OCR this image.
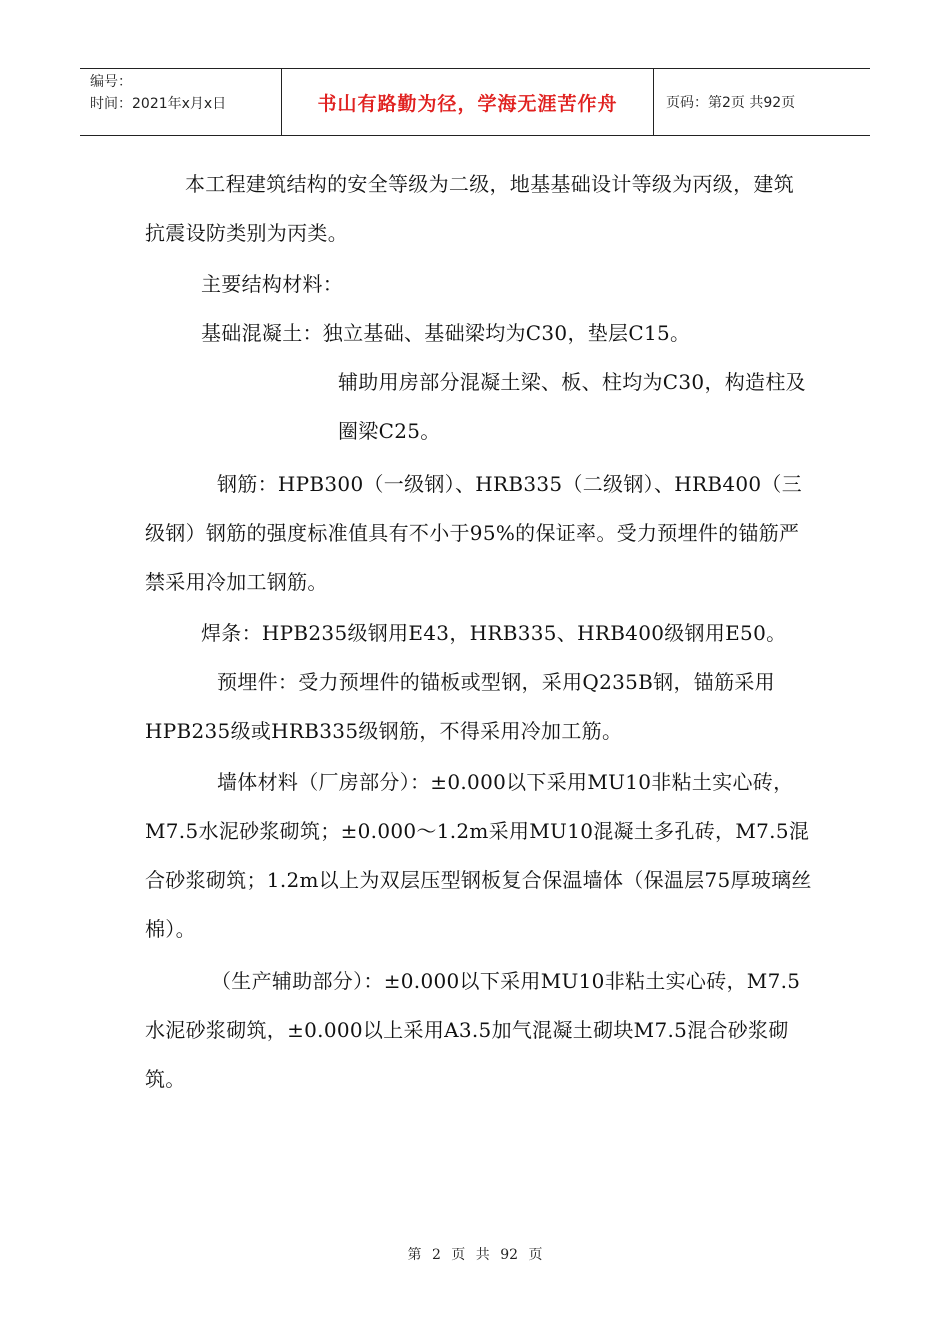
编号：
时间：2021年x月x日	书山有路勤为径，学海无涯苦作舟	页码：第2页 共92页

本工程建筑结构的安全等级为二级，地基基础设计等级为丙级，建筑抗震设防类别为丙类。

主要结构材料：

基础混凝土：独立基础、基础梁均为C30，垫层C15。

辅助用房部分混凝土梁、板、柱均为C30，构造柱及圈梁C25。

钢筋：HPB300（一级钢）、HRB335（二级钢）、HRB400（三级钢）钢筋的强度标准值具有不小于95%的保证率。受力预埋件的锚筋严禁采用冷加工钢筋。

焊条：HPB235级钢用E43，HRB335、HRB400级钢用E50。

预埋件：受力预埋件的锚板或型钢，采用Q235B钢，锚筋采用HPB235级或HRB335级钢筋，不得采用冷加工筋。

墙体材料（厂房部分）：±0.000以下采用MU10非粘土实心砖，M7.5水泥砂浆砌筑；±0.000～1.2m采用MU10混凝土多孔砖，M7.5混合砂浆砌筑；1.2m以上为双层压型钢板复合保温墙体（保温层75厚玻璃丝棉）。

（生产辅助部分）：±0.000以下采用MU10非粘土实心砖，M7.5水泥砂浆砌筑，±0.000以上采用A3.5加气混凝土砌块M7.5混合砂浆砌筑。

第 2 页 共 92 页
